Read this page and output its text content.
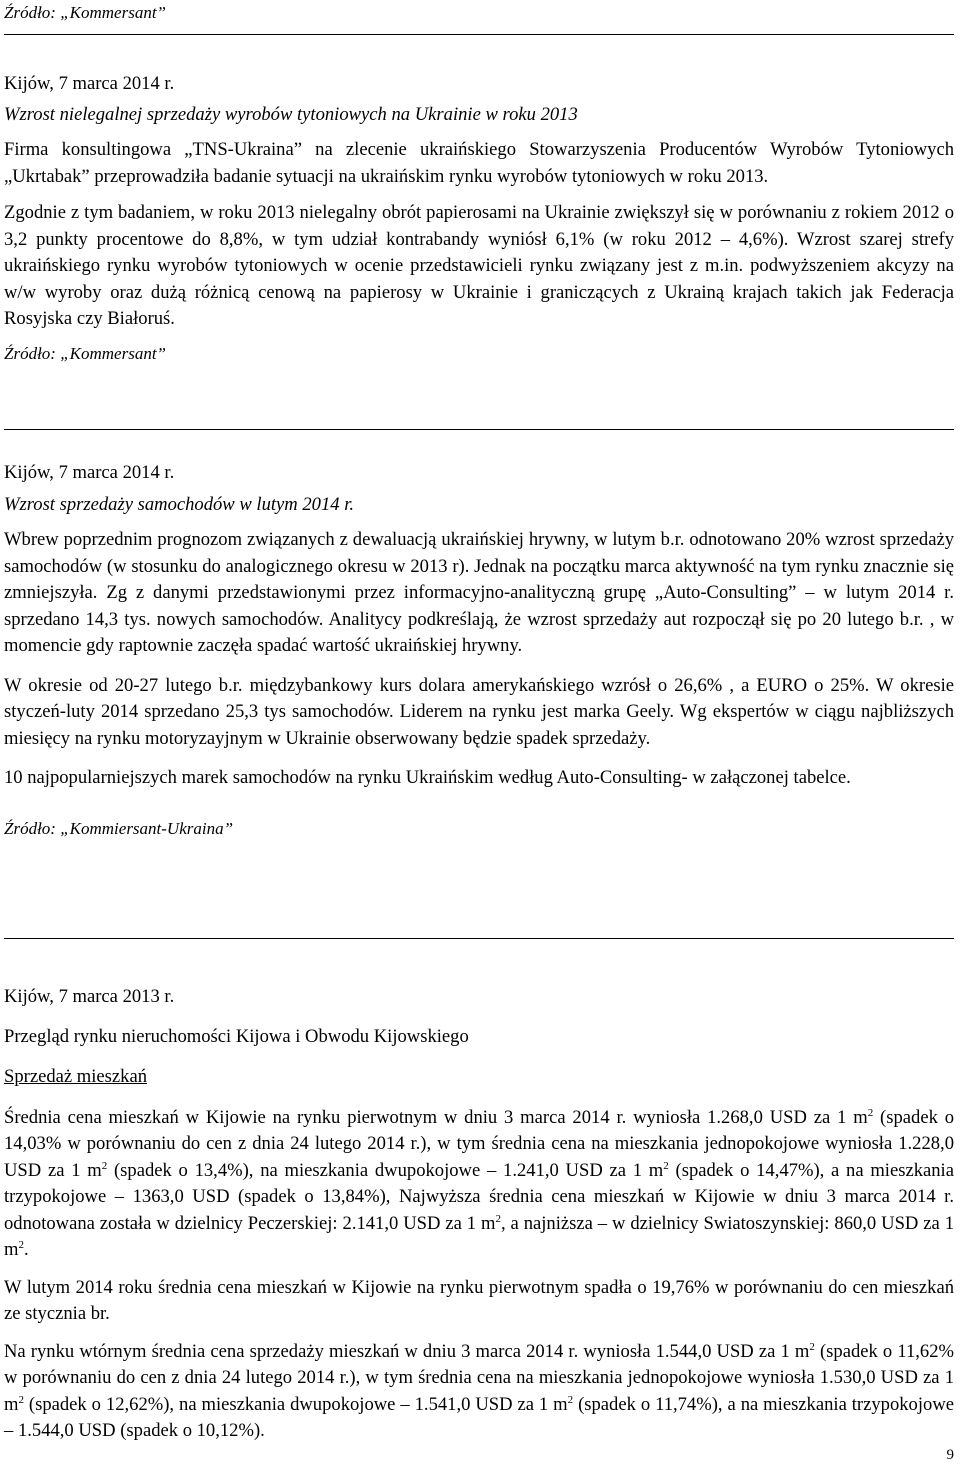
Źródło: „Kommersant”

Kijów, 7 marca 2014 r.

Wzrost nielegalnej sprzedaży wyrobów tytoniowych na Ukrainie w roku 2013

Firma konsultingowa „TNS-Ukraina” na zlecenie ukraińskiego Stowarzyszenia Producentów Wyrobów Tytoniowych „Ukrtabak” przeprowadziła badanie sytuacji na ukraińskim rynku wyrobów tytoniowych w roku 2013.

Zgodnie z tym badaniem, w roku 2013 nielegalny obrót papierosami na Ukrainie zwiększył się w porównaniu z rokiem 2012 o 3,2 punkty procentowe do 8,8%, w tym udział kontrabandy wyniósł 6,1% (w roku 2012 – 4,6%). Wzrost szarej strefy ukraińskiego rynku wyrobów tytoniowych w ocenie przedstawicieli rynku związany jest z m.in. podwyższeniem akcyzy na w/w wyroby oraz dużą różnicą cenową na papierosy w Ukrainie i graniczących z Ukrainą krajach takich jak Federacja Rosyjska czy Białoruś.

Źródło: „Kommersant”

Kijów, 7 marca 2014 r.

Wzrost sprzedaży samochodów w lutym 2014 r.

Wbrew poprzednim prognozom związanych z dewaluacją ukraińskiej hrywny, w lutym b.r. odnotowano 20% wzrost sprzedaży samochodów (w stosunku do analogicznego okresu w 2013 r). Jednak na początku marca aktywność na tym rynku znacznie się zmniejszyła. Zg z danymi przedstawionymi przez informacyjno-analityczną grupę „Auto-Consulting” – w lutym 2014 r. sprzedano 14,3 tys. nowych samochodów. Analitycy podkreślają, że wzrost sprzedaży aut rozpoczął się po 20 lutego b.r. , w momencie gdy raptownie zaczęła spadać wartość ukraińskiej hrywny.

W okresie od 20-27 lutego b.r. międzybankowy kurs dolara amerykańskiego wzrósł o 26,6% , a EURO o 25%. W okresie styczeń-luty 2014 sprzedano 25,3 tys samochodów. Liderem na rynku jest marka Geely. Wg ekspertów w ciągu najbliższych miesięcy na rynku motoryzayjnym w Ukrainie obserwowany będzie spadek sprzedaży.

10 najpopularniejszych marek samochodów na rynku Ukraińskim według Auto-Consulting- w załączonej tabelce.

Źródło: „Kommiersant-Ukraina”

Kijów, 7 marca 2013 r.

Przegląd rynku nieruchomości Kijowa i Obwodu Kijowskiego

Sprzedaż mieszkań

Średnia cena mieszkań w Kijowie na rynku pierwotnym w dniu 3 marca 2014 r. wyniosła 1.268,0 USD za 1 $m^2$ (spadek o 14,03% w porównaniu do cen z dnia 24 lutego 2014 r.), w tym średnia cena na mieszkania jednopokojowe wyniosła 1.228,0 USD za 1 $m^2$ (spadek o 13,4%), na mieszkania dwupokojowe – 1.241,0 USD za 1 $m^2$ (spadek o 14,47%), a na mieszkania trzypokojowe – 1363,0 USD (spadek o 13,84%), Najwyższa średnia cena mieszkań w Kijowie w dniu 3 marca 2014 r. odnotowana została w dzielnicy Peczerskiej: 2.141,0 USD za 1 $m^2$, a najniższa – w dzielnicy Swiatoszynskiej: 860,0 USD za 1 $m^2$.

W lutym 2014 roku średnia cena mieszkań w Kijowie na rynku pierwotnym spadła o 19,76% w porównaniu do cen mieszkań ze stycznia br.

Na rynku wtórnym średnia cena sprzedaży mieszkań w dniu 3 marca 2014 r. wyniosła 1.544,0 USD za 1 $m^2$ (spadek o 11,62% w porównaniu do cen z dnia 24 lutego 2014 r.), w tym średnia cena na mieszkania jednopokojowe wyniosła 1.530,0 USD za 1 $m^2$ (spadek o 12,62%), na mieszkania dwupokojowe – 1.541,0 USD za 1 $m^2$ (spadek o 11,74%), a na mieszkania trzypokojowe – 1.544,0 USD (spadek o 10,12%).

9
